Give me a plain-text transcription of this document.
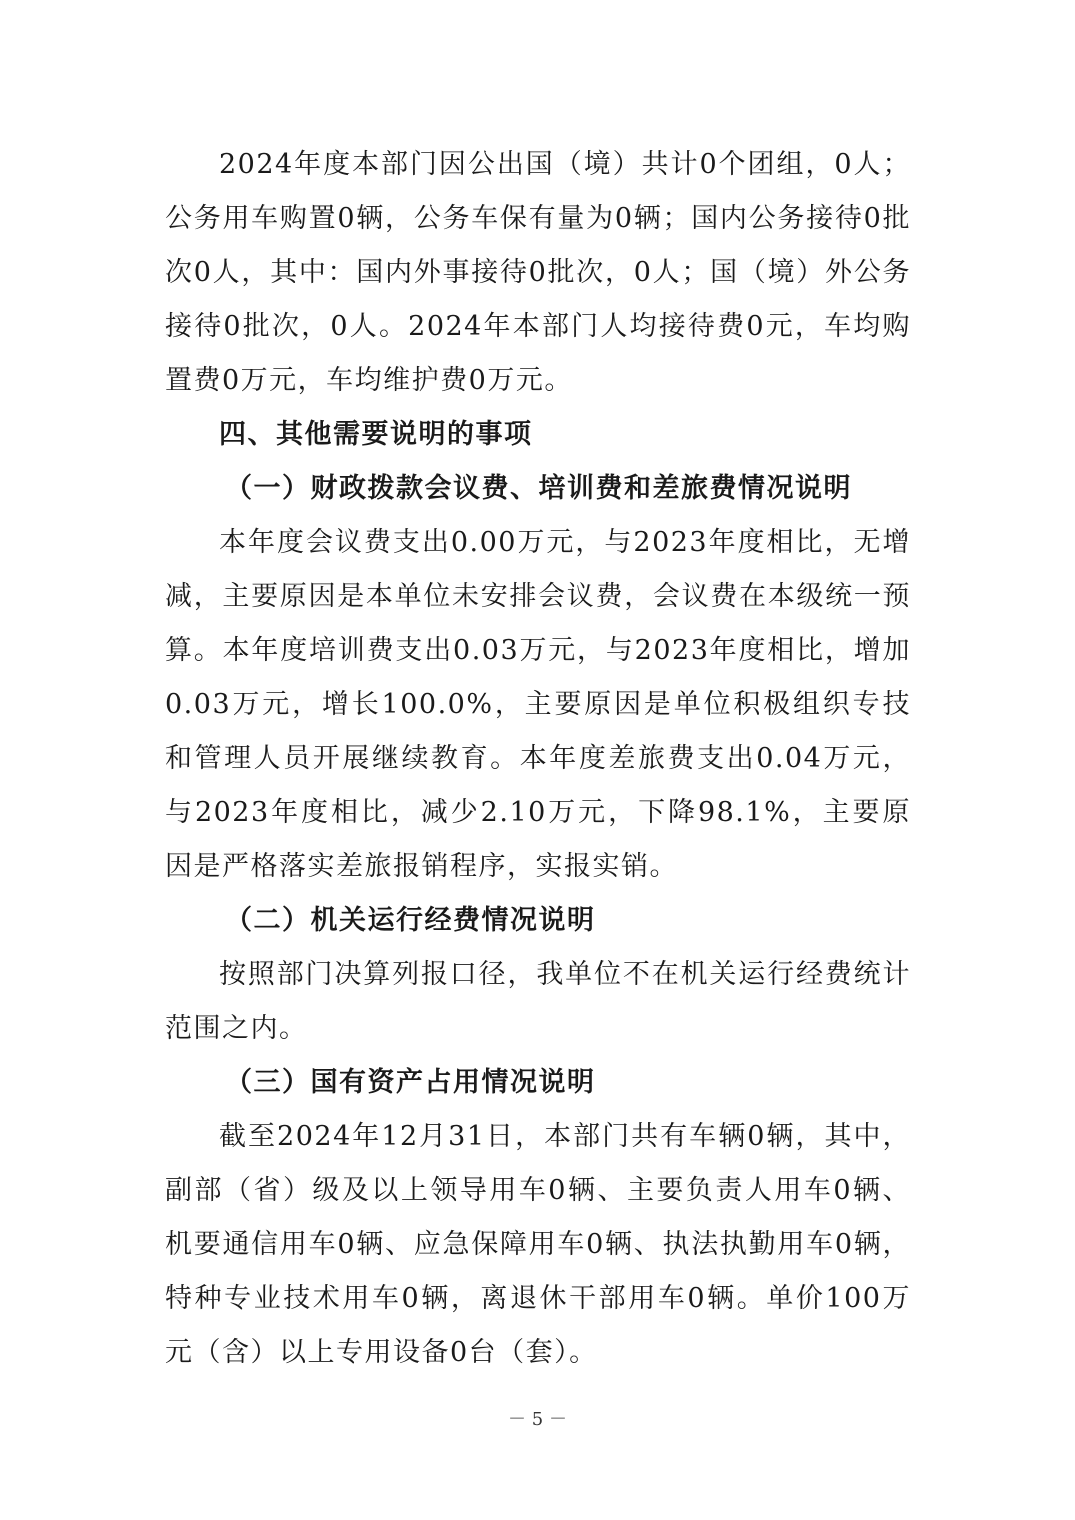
2024年度本部门因公出国（境）共计0个团组，0人；公务用车购置0辆，公务车保有量为0辆；国内公务接待0批次0人，其中：国内外事接待0批次，0人；国（境）外公务接待0批次，0人。2024年本部门人均接待费0元，车均购置费0万元，车均维护费0万元。

四、其他需要说明的事项

（一）财政拨款会议费、培训费和差旅费情况说明

本年度会议费支出0.00万元，与2023年度相比，无增减，主要原因是本单位未安排会议费，会议费在本级统一预算。本年度培训费支出0.03万元，与2023年度相比，增加0.03万元，增长100.0%，主要原因是单位积极组织专技和管理人员开展继续教育。本年度差旅费支出0.04万元，与2023年度相比，减少2.10万元，下降98.1%，主要原因是严格落实差旅报销程序，实报实销。

（二）机关运行经费情况说明

按照部门决算列报口径，我单位不在机关运行经费统计范围之内。

（三）国有资产占用情况说明

截至2024年12月31日，本部门共有车辆0辆，其中，副部（省）级及以上领导用车0辆、主要负责人用车0辆、机要通信用车0辆、应急保障用车0辆、执法执勤用车0辆，特种专业技术用车0辆，离退休干部用车0辆。单价100万元（含）以上专用设备0台（套）。

－ 5 －
